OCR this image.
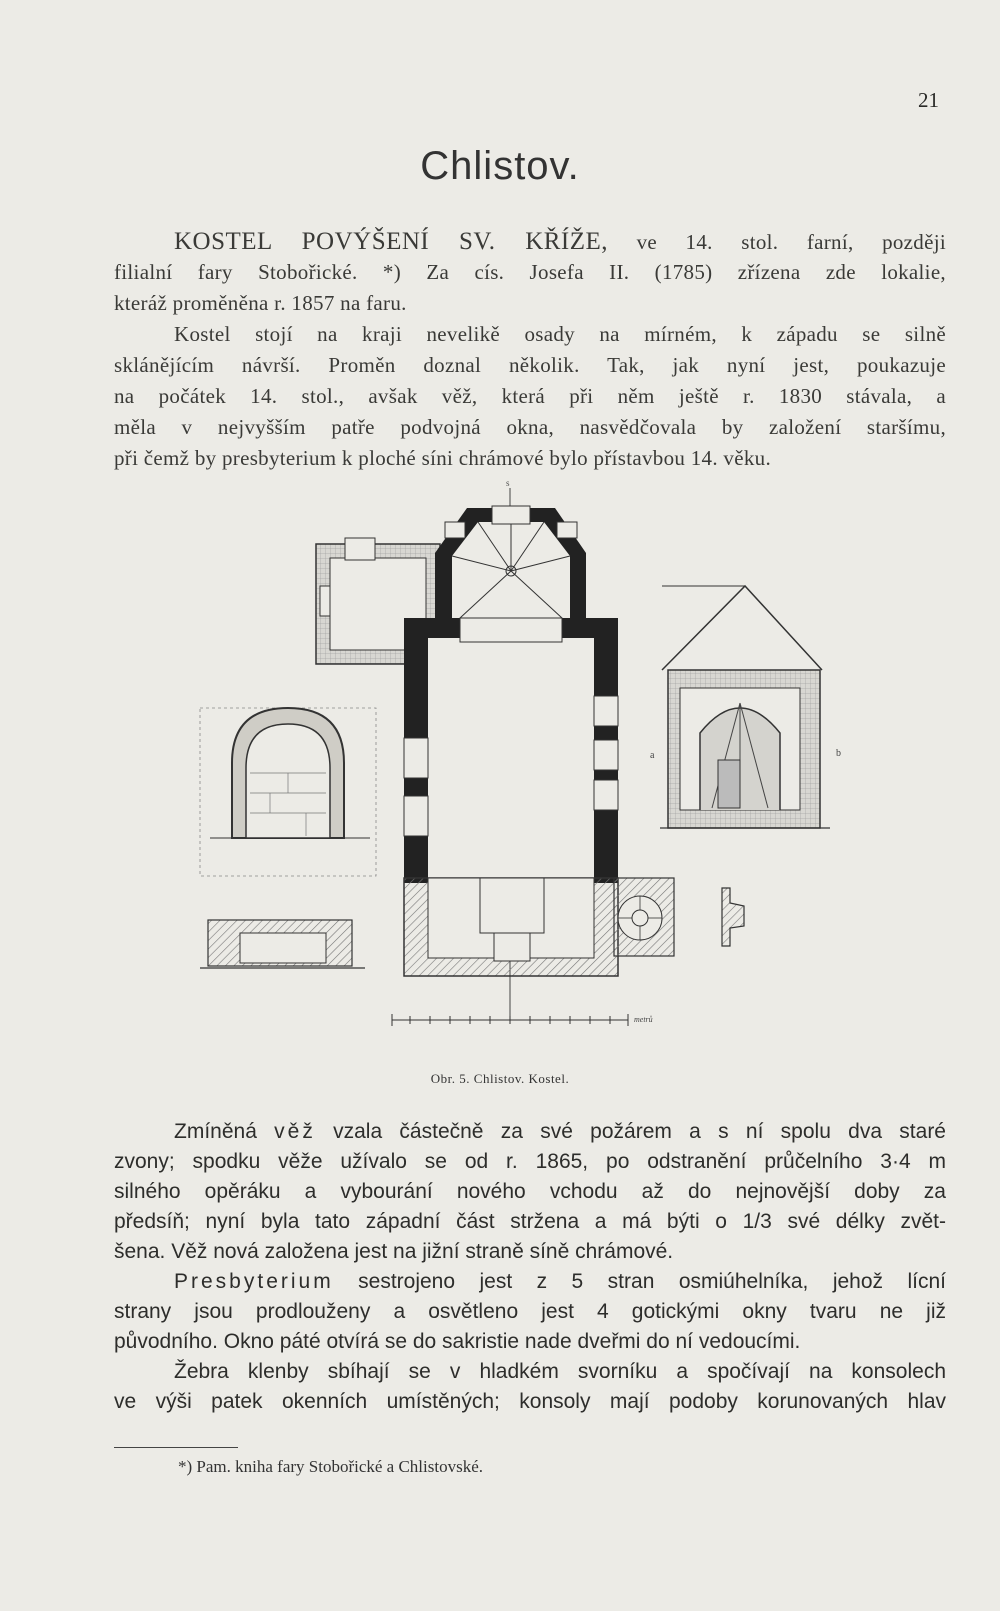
21
Chlistov.
KOSTEL POVÝŠENÍ SV. KŘÍŽE, ve 14. stol. farní, později
filialní fary Stobořické. *) Za cís. Josefa II. (1785) zřízena zde lokalie,
kteráž proměněna r. 1857 na faru.
Kostel stojí na kraji nevelikě osady na mírném, k západu se silně
sklánějícím návrší. Proměn doznal několik. Tak, jak nyní jest, poukazuje
na počátek 14. stol., avšak věž, která při něm ještě r. 1830 stávala, a
měla v nejvyšším patře podvojná okna, nasvědčovala by založení staršímu,
při čemž by presbyterium k ploché síni chrámové bylo přístavbou 14. věku.
s
a	b
metrů
Obr. 5. Chlistov. Kostel.
Zmíněná věž vzala částečně za své požárem a s ní spolu dva staré
zvony; spodku věže užívalo se od r. 1865, po odstranění průčelního 3·4 m
silného opěráku a vybourání nového vchodu až do nejnovější doby za
předsíň; nyní byla tato západní část stržena a má býti o 1/3 své délky zvět-
šena. Věž nová založena jest na jižní straně síně chrámové.
Presbyterium sestrojeno jest z 5 stran osmiúhelníka, jehož lícní
strany jsou prodlouženy a osvětleno jest 4 gotickými okny tvaru ne již
původního. Okno páté otvírá se do sakristie nade dveřmi do ní vedoucími.
Žebra klenby sbíhají se v hladkém svorníku a spočívají na konsolech
ve výši patek okenních umístěných; konsoly mají podoby korunovaných hlav
*) Pam. kniha fary Stobořické a Chlistovské.
